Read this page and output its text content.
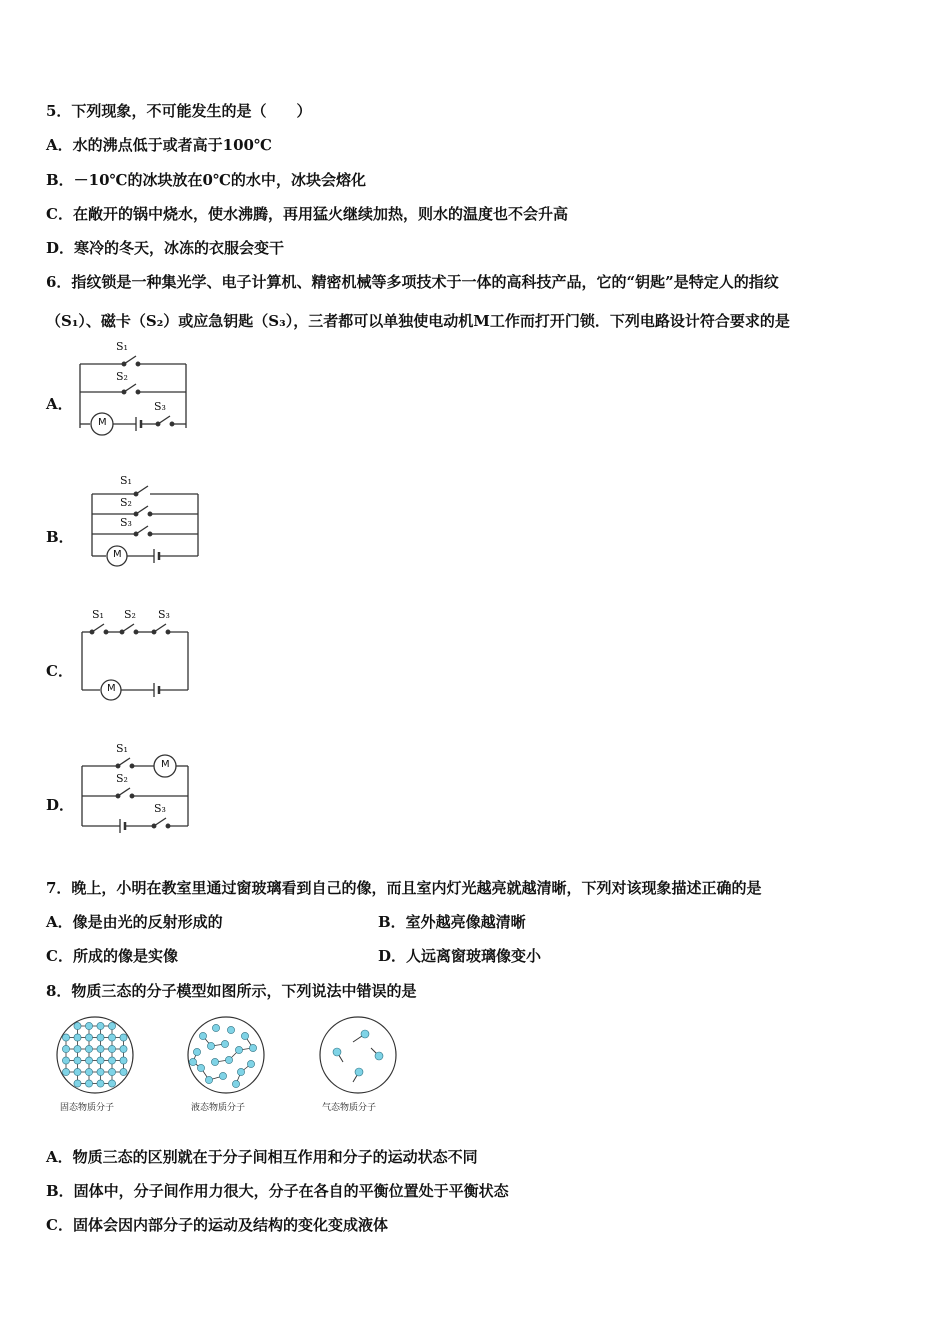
5．下列现象，不可能发生的是（　　）
A．水的沸点低于或者高于100℃
B．－10℃的冰块放在0℃的水中，冰块会熔化
C．在敞开的锅中烧水，使水沸腾，再用猛火继续加热，则水的温度也不会升高
D．寒冷的冬天，冰冻的衣服会变干
6．指纹锁是一种集光学、电子计算机、精密机械等多项技术于一体的高科技产品，它的“钥匙”是特定人的指纹
（S₁）、磁卡（S₂）或应急钥匙（S₃），三者都可以单独使电动机M工作而打开门锁．下列电路设计符合要求的是
A．
S₁
S₂
M
S₃
B．
S₁
S₂
S₃
M
C．
S₁ S₂ S₃
M
D．
S₁
M
S₂
S₃
7．晚上，小明在教室里通过窗玻璃看到自己的像，而且室内灯光越亮就越清晰，下列对该现象描述正确的是
A．像是由光的反射形成的	B．室外越亮像越清晰
C．所成的像是实像	D．人远离窗玻璃像变小
8．物质三态的分子模型如图所示，下列说法中错误的是
固态物质分子	液态物质分子	气态物质分子
A．物质三态的区别就在于分子间相互作用和分子的运动状态不同
B．固体中，分子间作用力很大，分子在各自的平衡位置处于平衡状态
C．固体会因内部分子的运动及结构的变化变成液体
